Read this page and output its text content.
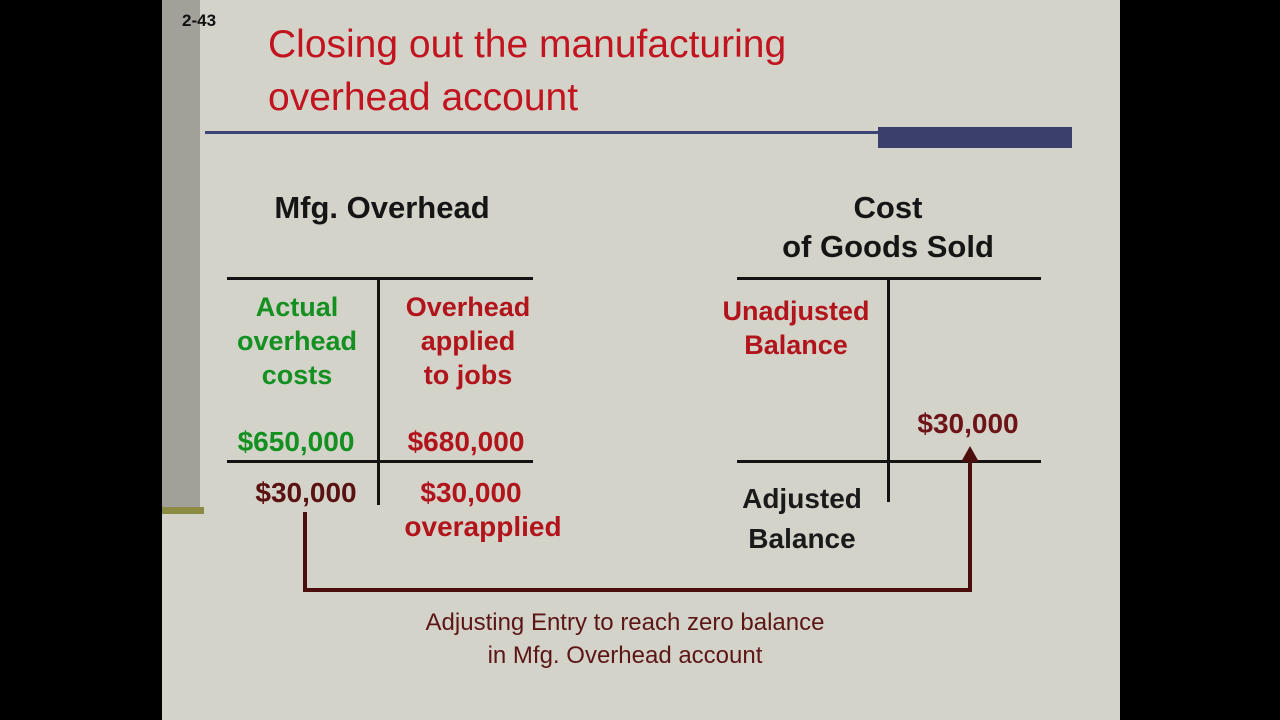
2-43
Closing out the manufacturing
overhead account
Mfg. Overhead
Actual
overhead
costs
Overhead
applied
to jobs
$650,000 $680,000
$30,000 $30,000
overapplied
Cost
of Goods Sold
Unadjusted
Balance
$30,000
Adjusted
Balance
Adjusting Entry to reach zero balance
in Mfg. Overhead account
